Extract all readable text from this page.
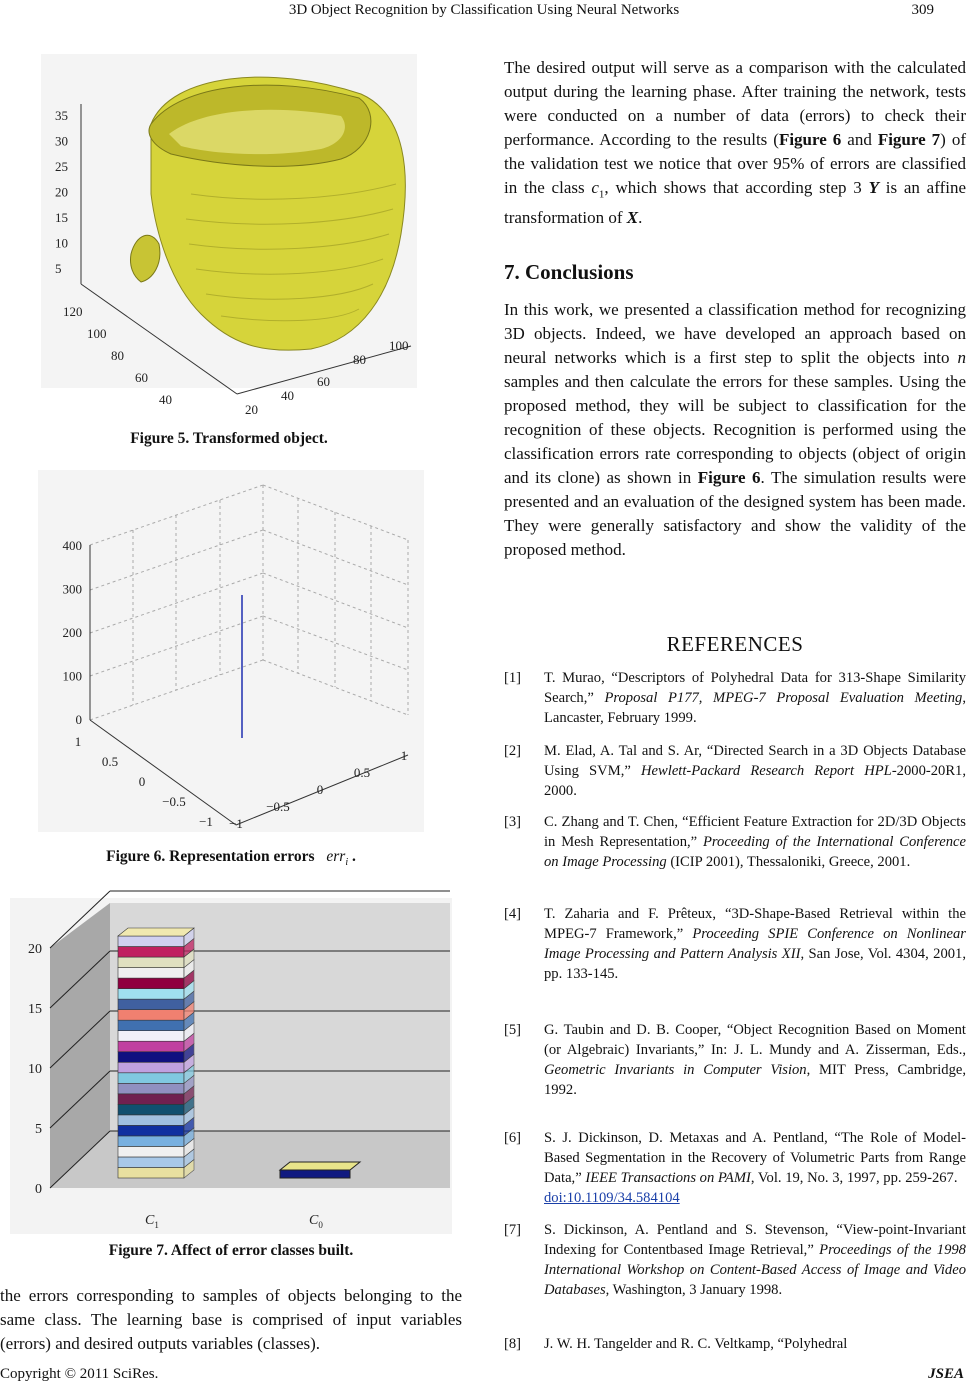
3D Object Recognition by Classification Using Neural Networks	309
35
30
25
20
15
10
5
120
100
80
60
40
20
40
60
80
100
Figure 5. Transformed object.
400
300
200
100
0
1
0.5
0
−0.5
−1 −1
−0.5
0
0.5
1
Figure 6. Representation errors err$_i$ .
20
15
10
5
0
$C_1$	$C_0$
Figure 7. Affect of error classes built.
the errors corresponding to samples of objects belonging to the same class. The learning base is comprised of input variables (errors) and desired outputs variables (classes).
The desired output will serve as a comparison with the calculated output during the learning phase. After training the network, tests were conducted on a number of data (errors) to check their performance. According to the results (Figure 6 and Figure 7) of the validation test we notice that over 95% of errors are classified in the class $c_1$, which shows that according step 3 Y is an affine transformation of X.
7. Conclusions
In this work, we presented a classification method for recognizing 3D objects. Indeed, we have developed an approach based on neural networks which is a first step to split the objects into n samples and then calculate the errors for these samples. Using the proposed method, they will be subject to classification for the recognition of these objects. Recognition is performed using the classification errors rate corresponding to objects (object of origin and its clone) as shown in Figure 6. The simulation results were presented and an evaluation of the designed system has been made. They were generally satisfactory and show the validity of the proposed method.
REFERENCES
[1] T. Murao, “Descriptors of Polyhedral Data for 313-Shape Similarity Search,” Proposal P177, MPEG-7 Proposal Evaluation Meeting, Lancaster, February 1999.
[2] M. Elad, A. Tal and S. Ar, “Directed Search in a 3D Objects Database Using SVM,” Hewlett-Packard Research Report HPL-2000-20R1, 2000.
[3] C. Zhang and T. Chen, “Efficient Feature Extraction for 2D/3D Objects in Mesh Representation,” Proceeding of the International Conference on Image Processing (ICIP 2001), Thessaloniki, Greece, 2001.
[4] T. Zaharia and F. Prêteux, “3D-Shape-Based Retrieval within the MPEG-7 Framework,” Proceeding SPIE Conference on Nonlinear Image Processing and Pattern Analysis XII, San Jose, Vol. 4304, 2001, pp. 133-145.
[5] G. Taubin and D. B. Cooper, “Object Recognition Based on Moment (or Algebraic) Invariants,” In: J. L. Mundy and A. Zisserman, Eds., Geometric Invariants in Computer Vision, MIT Press, Cambridge, 1992.
[6] S. J. Dickinson, D. Metaxas and A. Pentland, “The Role of Model-Based Segmentation in the Recovery of Volumetric Parts from Range Data,” IEEE Transactions on PAMI, Vol. 19, No. 3, 1997, pp. 259-267.
doi:10.1109/34.584104
[7] S. Dickinson, A. Pentland and S. Stevenson, “View-point-Invariant Indexing for Contentbased Image Retrieval,” Proceedings of the 1998 International Workshop on Content-Based Access of Image and Video Databases, Washington, 3 January 1998.
[8] J. W. H. Tangelder and R. C. Veltkamp, “Polyhedral
Copyright © 2011 SciRes.	JSEA
